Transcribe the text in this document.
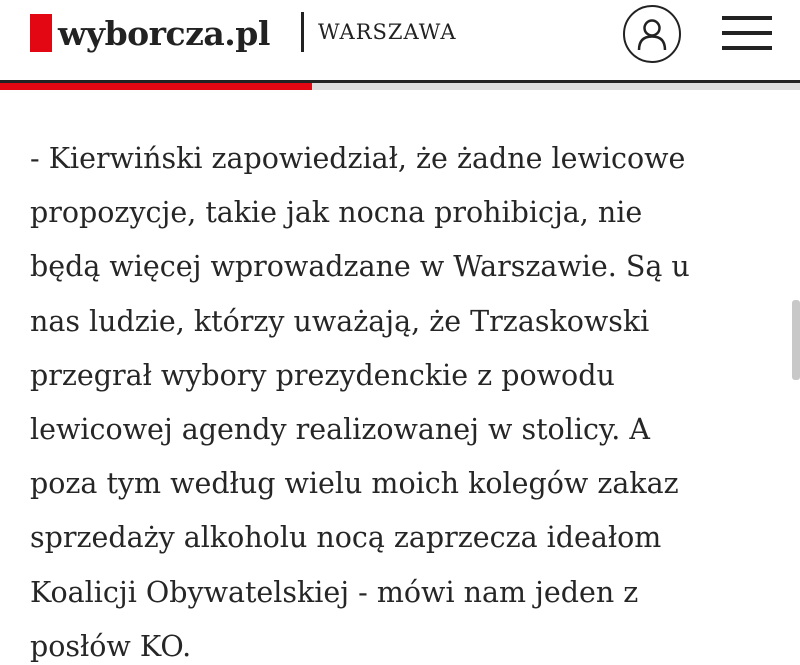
wyborcza.pl WARSZAWA

- Kierwiński zapowiedział, że żadne lewicowe
propozycje, takie jak nocna prohibicja, nie
będą więcej wprowadzane w Warszawie. Są u
nas ludzie, którzy uważają, że Trzaskowski
przegrał wybory prezydenckie z powodu
lewicowej agendy realizowanej w stolicy. A
poza tym według wielu moich kolegów zakaz
sprzedaży alkoholu nocą zaprzecza ideałom
Koalicji Obywatelskiej - mówi nam jeden z
posłów KO.
